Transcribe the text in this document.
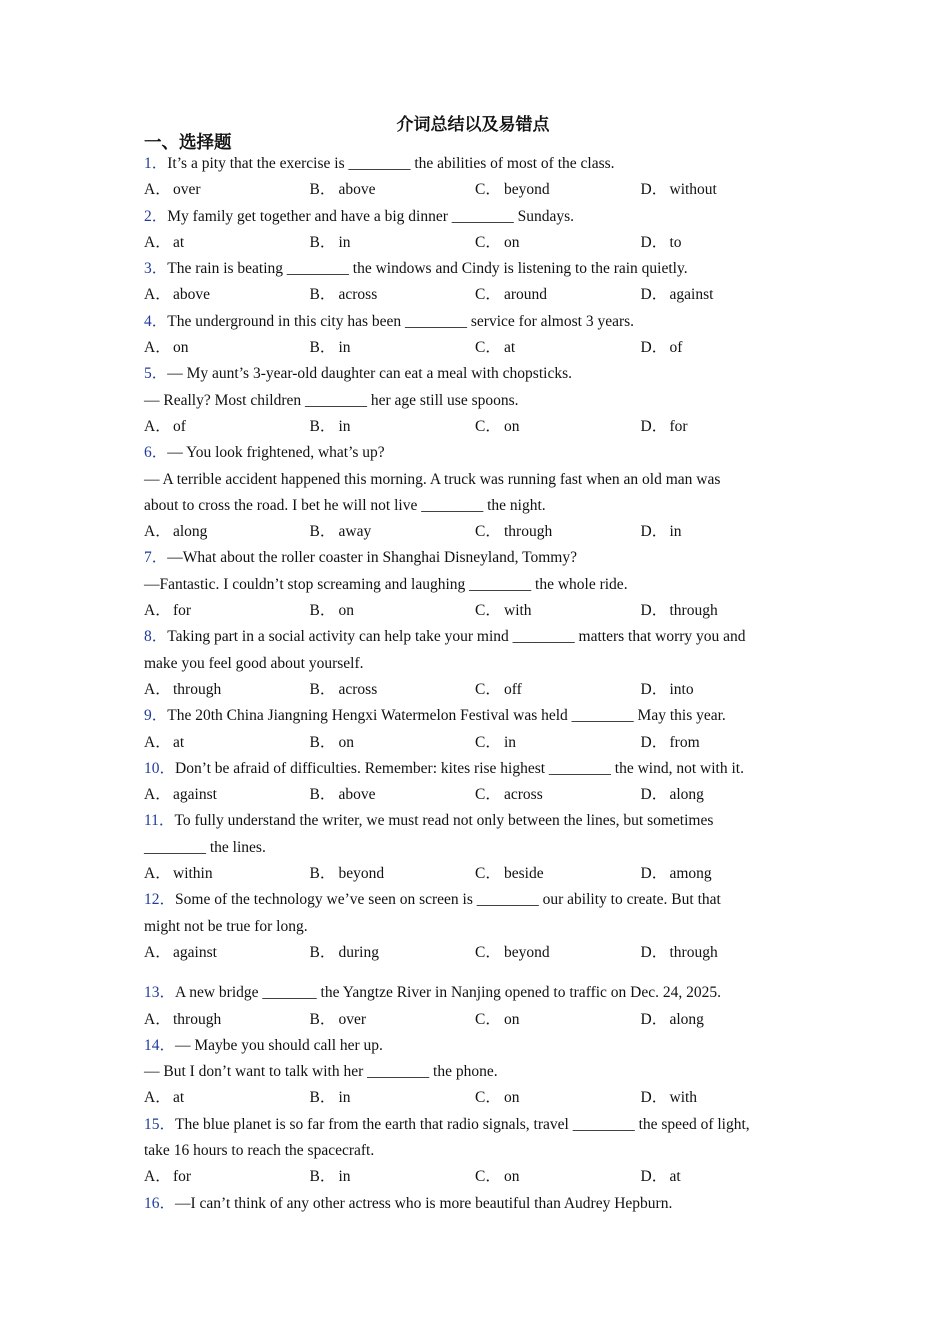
介词总结以及易错点
一、选择题
1．It’s a pity that the exercise is ________ the abilities of most of the class.
A． over	B． above	C． beyond	D． without
2．My family get together and have a big dinner ________ Sundays.
A． at	B． in	C． on	D． to
3．The rain is beating ________ the windows and Cindy is listening to the rain quietly.
A． above	B． across	C． around	D． against
4．The underground in this city has been ________ service for almost 3 years.
A． on	B． in	C． at	D． of
5．— My aunt’s 3-year-old daughter can eat a meal with chopsticks.
— Really? Most children ________ her age still use spoons.
A． of	B． in	C． on	D． for
6．— You look frightened, what’s up?
— A terrible accident happened this morning. A truck was running fast when an old man was
about to cross the road. I bet he will not live ________ the night.
A． along	B． away	C． through	D． in
7．—What about the roller coaster in Shanghai Disneyland, Tommy?
—Fantastic. I couldn’t stop screaming and laughing ________ the whole ride.
A． for	B． on	C． with	D． through
8．Taking part in a social activity can help take your mind ________ matters that worry you and
make you feel good about yourself.
A． through	B． across	C． off	D． into
9．The 20th China Jiangning Hengxi Watermelon Festival was held ________ May this year.
A． at	B． on	C． in	D． from
10．Don’t be afraid of difficulties. Remember: kites rise highest ________ the wind, not with it.
A． against	B． above	C． across	D． along
11．To fully understand the writer, we must read not only between the lines, but sometimes
________ the lines.
A． within	B． beyond	C． beside	D． among
12．Some of the technology we’ve seen on screen is ________ our ability to create. But that
might not be true for long.
A． against	B． during	C． beyond	D． through
13．A new bridge _______ the Yangtze River in Nanjing opened to traffic on Dec. 24, 2025.
A． through	B． over	C． on	D． along
14．— Maybe you should call her up.
— But I don’t want to talk with her ________ the phone.
A． at	B． in	C． on	D． with
15．The blue planet is so far from the earth that radio signals, travel ________ the speed of light,
take 16 hours to reach the spacecraft.
A． for	B． in	C． on	D． at
16．—I can’t think of any other actress who is more beautiful than Audrey Hepburn.
